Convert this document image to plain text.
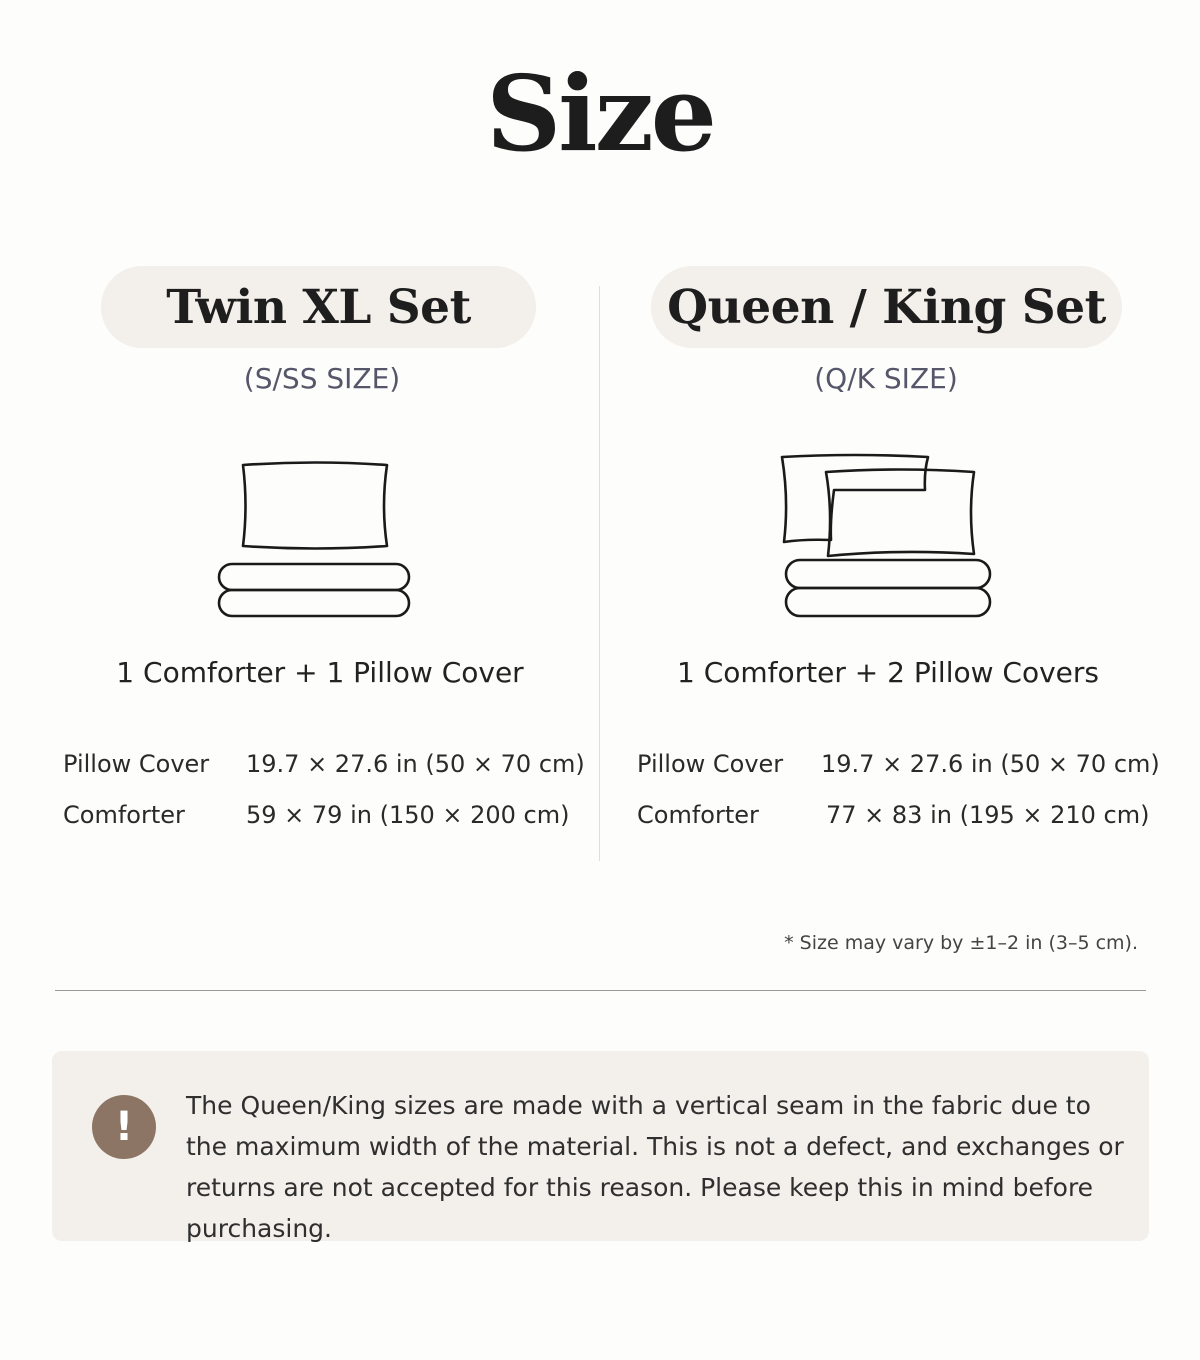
Size
Twin XL Set
(S/SS SIZE)
1 Comforter + 1 Pillow Cover
Pillow Cover 19.7 × 27.6 in (50 × 70 cm)
Comforter	59 × 79 in (150 × 200 cm)
Queen / King Set
(Q/K SIZE)
1 Comforter + 2 Pillow Covers
Pillow Cover 19.7 × 27.6 in (50 × 70 cm)
Comforter	77 × 83 in (195 × 210 cm)
* Size may vary by ±1–2 in (3–5 cm).
!	The Queen/King sizes are made with a vertical seam in the fabric due to the maximum width of the material. This is not a defect, and exchanges or returns are not accepted for this reason. Please keep this in mind before purchasing.
